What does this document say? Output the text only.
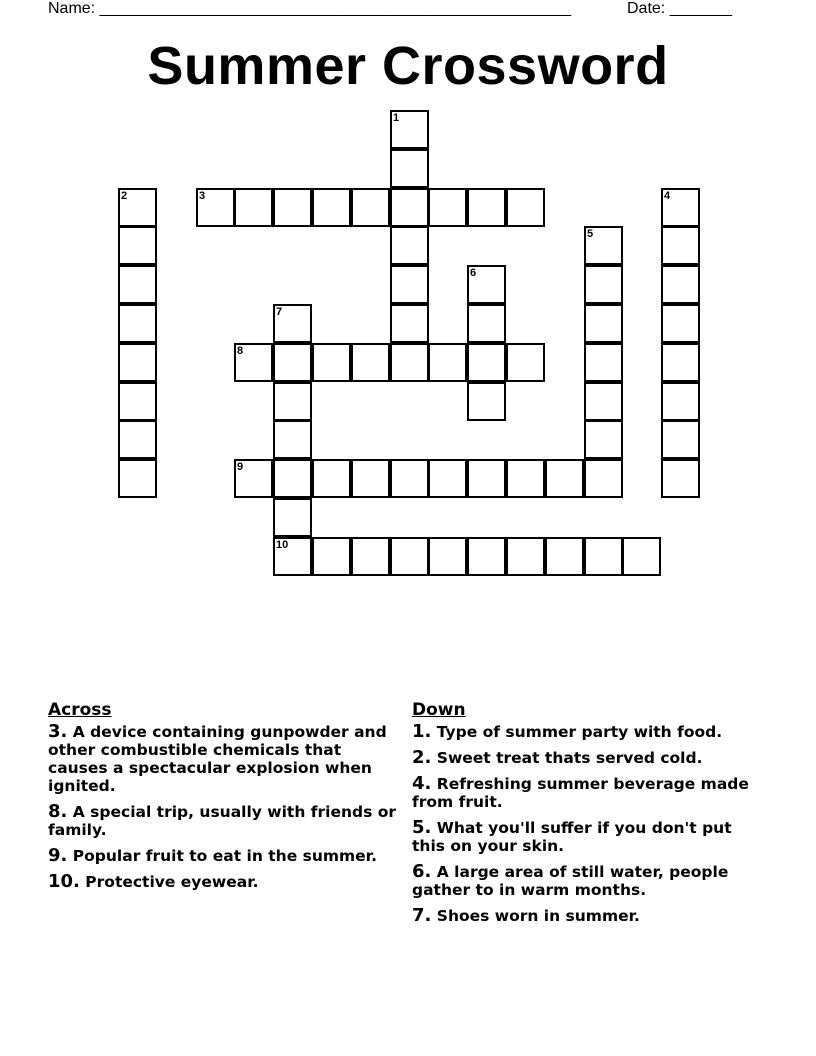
Name: _____________________________________________________	Date: _______
Summer Crossword
1
2	3	4
5
6
7
10
8
9
Across
3. A device containing gunpowder and other combustible chemicals that causes a spectacular explosion when ignited.
8. A special trip, usually with friends or family.
9. Popular fruit to eat in the summer.
10. Protective eyewear.
Down
1. Type of summer party with food.
2. Sweet treat thats served cold.
4. Refreshing summer beverage made from fruit.
5. What you'll suffer if you don't put this on your skin.
6. A large area of still water, people gather to in warm months.
7. Shoes worn in summer.
